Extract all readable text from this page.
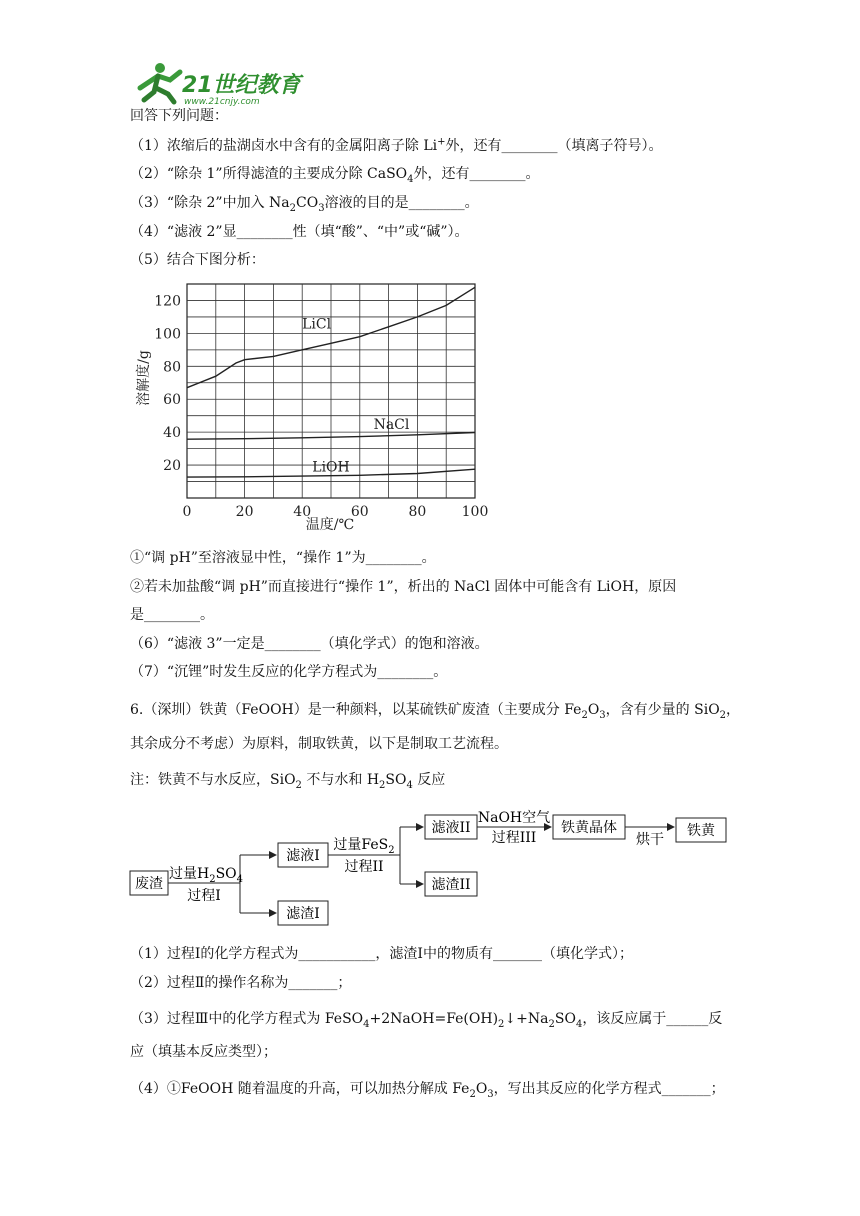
21世纪教育
www.21cnjy.com
回答下列问题：
（1）浓缩后的盐湖卤水中含有的金属阳离子除 Li+外，还有________（填离子符号）。
（2）“除杂 1”所得滤渣的主要成分除 CaSO$_4$外，还有________。
（3）“除杂 2”中加入 $Na_2CO_3$溶液的目的是________。
（4）“滤液 2”显________性（填“酸”、“中”或“碱”）。
（5）结合下图分析：
LiCl
NaCl
LiOH
0	20	40	60	80	100
20
40
60
80
100
120
温度/℃
溶解度/g
①“调 pH”至溶液显中性，“操作 1”为________。
②若未加盐酸“调 pH”而直接进行“操作 1”，析出的 NaCl 固体中可能含有 LiOH，原因
是________。
（6）“滤液 3”一定是________（填化学式）的饱和溶液。
（7）“沉锂”时发生反应的化学方程式为________。
6.（深圳）铁黄（FeOOH）是一种颜料，以某硫铁矿废渣（主要成分 $Fe_2O_3$，含有少量的 SiO$_2$，
其余成分不考虑）为原料，制取铁黄，以下是制取工艺流程。
注：铁黄不与水反应，SiO$_2$ 不与水和 $H_2SO_4$ 反应
废渣
过量$H_2SO_4$
过程I
滤液I
滤渣I
过量FeS$_2$
过程II
滤液II
滤渣II
NaOH空气
过程III
铁黄晶体
烘干
铁黄
（1）过程Ⅰ的化学方程式为___________，滤渣Ⅰ中的物质有_______（填化学式）；
（2）过程Ⅱ的操作名称为_______；
（3）过程Ⅲ中的化学方程式为 $FeSO_4+2NaOH=Fe(OH)_2↓+Na_2SO_4$，该反应属于______反
应（填基本反应类型）；
（4）①FeOOH 随着温度的升高，可以加热分解成 $Fe_2O_3$，写出其反应的化学方程式_______；
